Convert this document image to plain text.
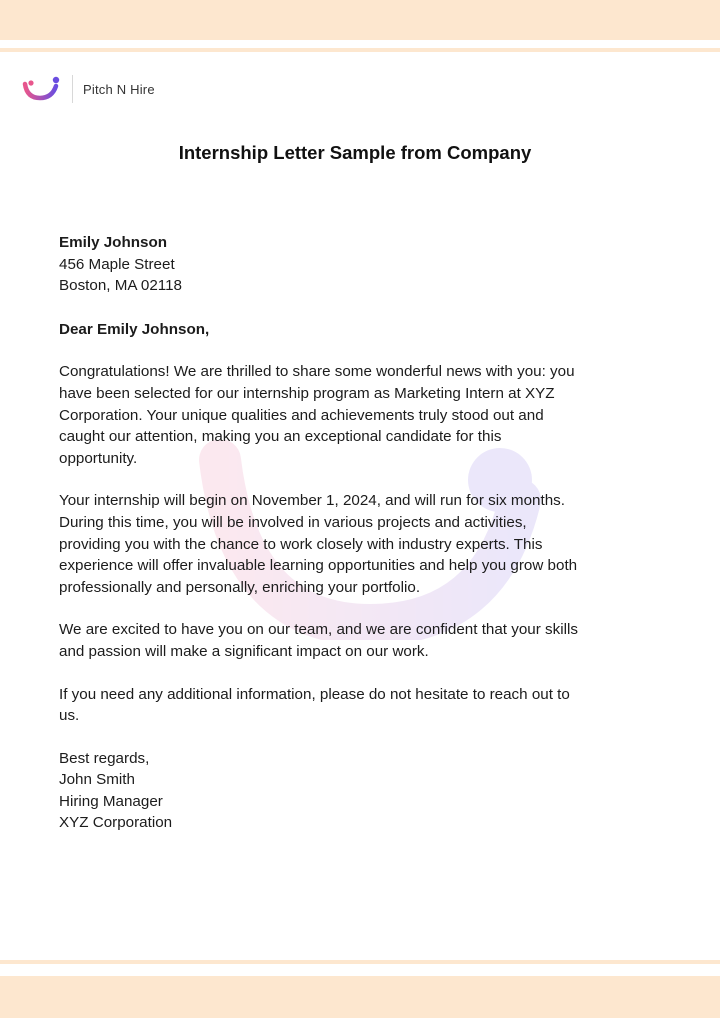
Pitch N Hire
Internship Letter Sample from Company

Emily Johnson

456 Maple Street

Boston, MA 02118

Dear Emily Johnson,

Congratulations! We are thrilled to share some wonderful news with you: you

have been selected for our internship program as Marketing Intern at XYZ

Corporation. Your unique qualities and achievements truly stood out and

caught our attention, making you an exceptional candidate for this

opportunity.

Your internship will begin on November 1, 2024, and will run for six months.

During this time, you will be involved in various projects and activities,

providing you with the chance to work closely with industry experts. This

experience will offer invaluable learning opportunities and help you grow both

professionally and personally, enriching your portfolio.

We are excited to have you on our team, and we are confident that your skills

and passion will make a significant impact on our work.

If you need any additional information, please do not hesitate to reach out to

us.

Best regards,

John Smith

Hiring Manager

XYZ Corporation
